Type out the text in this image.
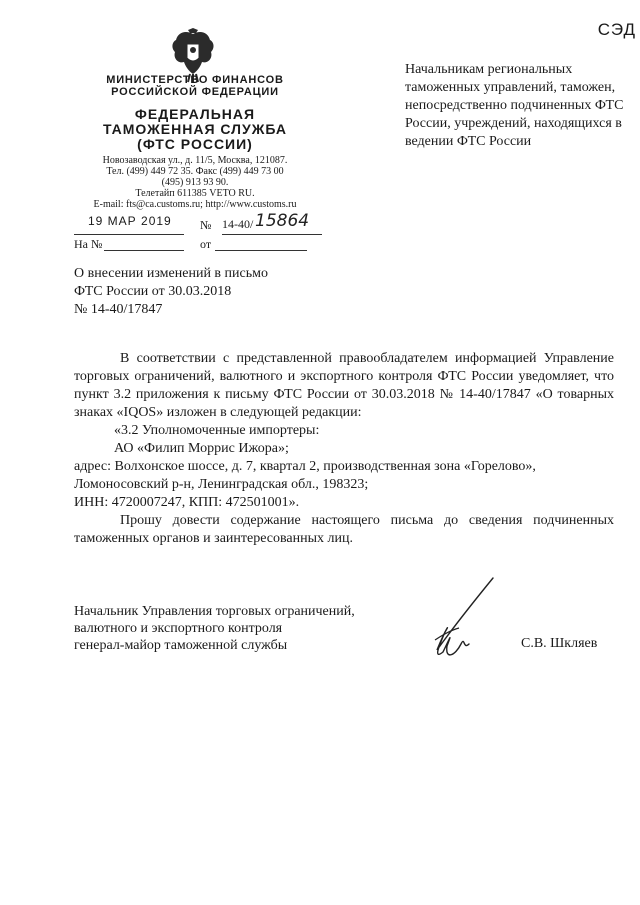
СЭД
МИНИСТЕРСТВО ФИНАНСОВ
РОССИЙСКОЙ ФЕДЕРАЦИИ
ФЕДЕРАЛЬНАЯ
ТАМОЖЕННАЯ СЛУЖБА
(ФТС РОССИИ)
Новозаводская ул., д. 11/5, Москва, 121087.
Тел. (499) 449 72 35. Факс (499) 449 73 00
(495) 913 93 90.
Телетайп 611385 VETO RU.
E-mail: fts@ca.customs.ru; http://www.customs.ru
Начальникам региональных таможенных управлений, таможен, непосредственно подчиненных ФТС России, учреждений, находящихся в ведении ФТС России
19 МАР 2019 № 14-40/ 15864
На №	от
О внесении изменений в письмо
ФТС России от 30.03.2018
№ 14-40/17847
В соответствии с представленной правообладателем информацией Управление торговых ограничений, валютного и экспортного контроля ФТС России уведомляет, что пункт 3.2 приложения к письму ФТС России от 30.03.2018 № 14-40/17847 «О товарных знаках «IQOS» изложен в следующей редакции:
«3.2 Уполномоченные импортеры:
АО «Филип Моррис Ижора»;
адрес: Волхонское шоссе, д. 7, квартал 2, производственная зона «Горелово», Ломоносовский р-н, Ленинградская обл., 198323;
ИНН: 4720007247, КПП: 472501001».
Прошу довести содержание настоящего письма до сведения подчиненных таможенных органов и заинтересованных лиц.
Начальник Управления торговых ограничений,
валютного и экспортного контроля
генерал-майор таможенной службы	С.В. Шкляев
